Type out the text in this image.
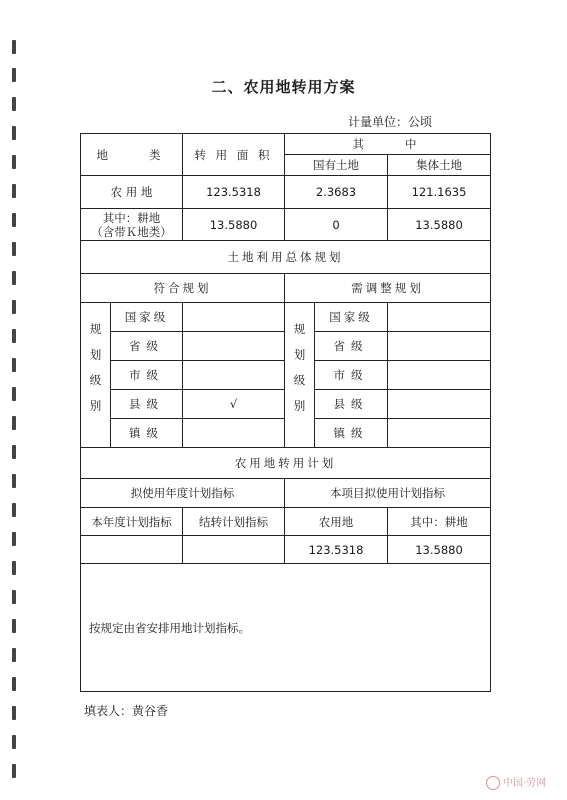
二、农用地转用方案
计量单位：公顷
地　　类	转 用 面 积	其　　中	
		国有土地	集体土地
农 用 地	123.5318	2.3683	121.1635

其中：耕地
（含带Ｋ地类）	13.5880	0	13.5880
土地利用总体规划			
符合规划		需调整规划	
规划级别	国家级		规划级别	国家级	
	省级			省级	
	市级			市级	
	县级	√		县级	
	镇级			镇级	
农用地转用计划			
拟使用年度计划指标		本项目拟使用计划指标	
本年度计划指标	结转计划指标	农用地	其中：耕地
		123.5318	13.5880
按规定由省安排用地计划指标。			
填表人：黄谷香
中国·劳网
